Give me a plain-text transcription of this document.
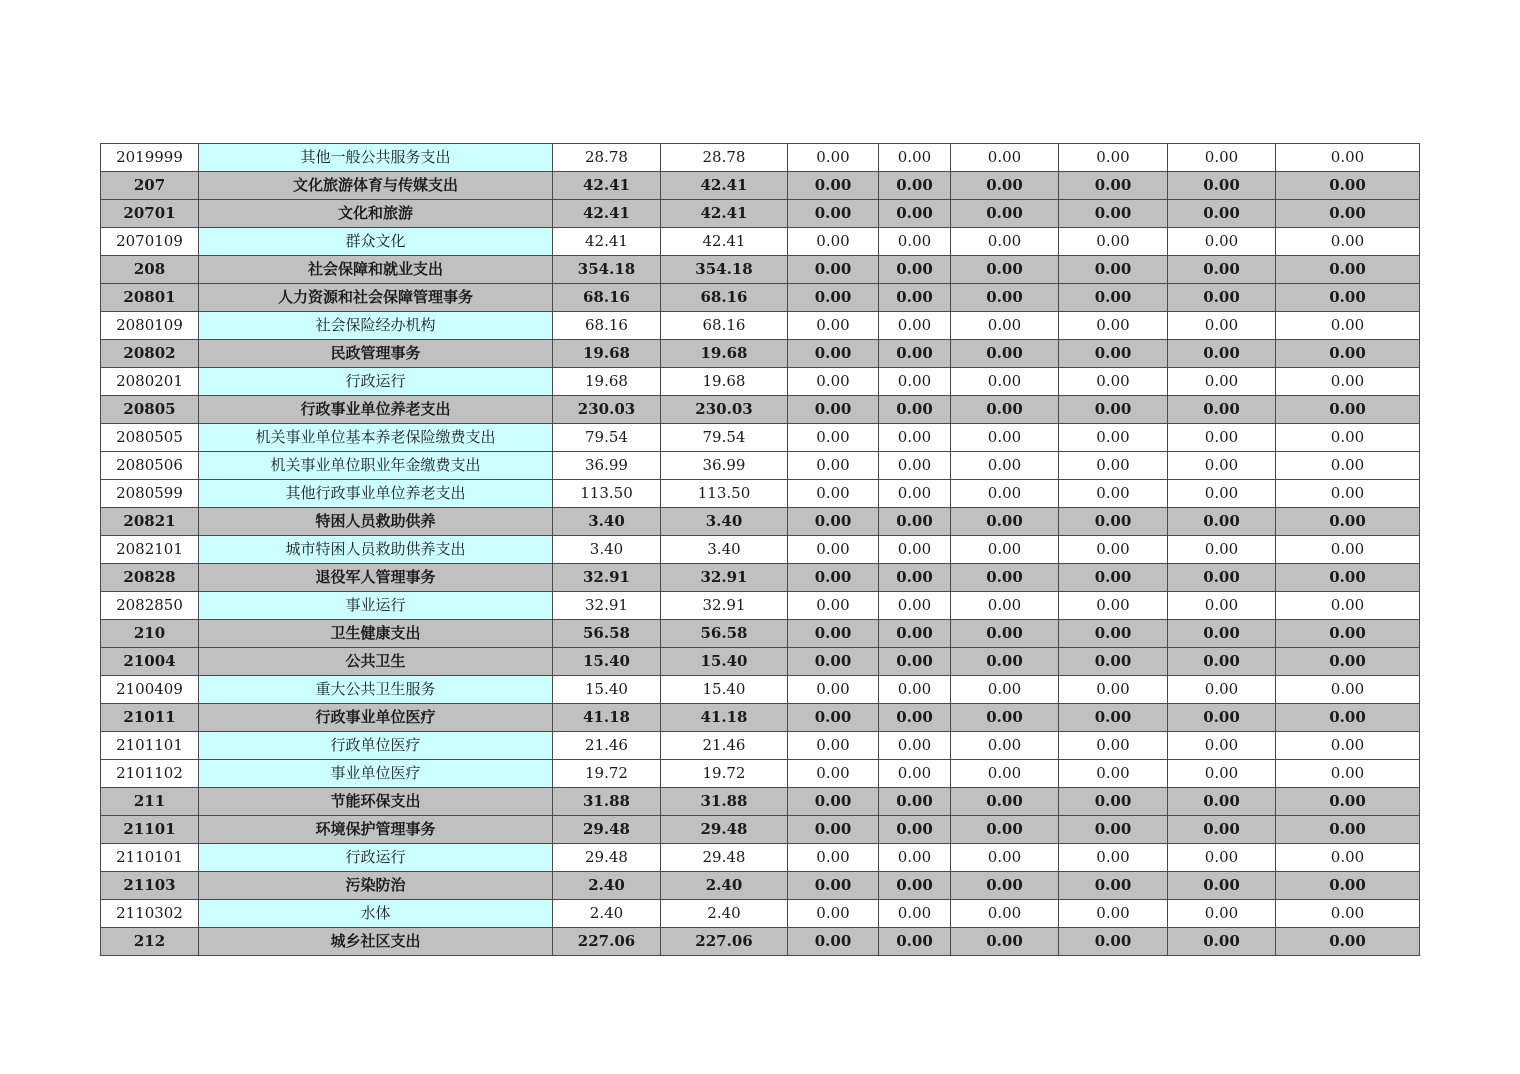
2019999	其他一般公共服务支出	28.78	28.78	0.00	0.00	0.00	0.00	0.00	0.00
207	文化旅游体育与传媒支出	42.41	42.41	0.00	0.00	0.00	0.00	0.00	0.00
20701	文化和旅游	42.41	42.41	0.00	0.00	0.00	0.00	0.00	0.00
2070109	群众文化	42.41	42.41	0.00	0.00	0.00	0.00	0.00	0.00
208	社会保障和就业支出	354.18	354.18	0.00	0.00	0.00	0.00	0.00	0.00
20801	人力资源和社会保障管理事务	68.16	68.16	0.00	0.00	0.00	0.00	0.00	0.00
2080109	社会保险经办机构	68.16	68.16	0.00	0.00	0.00	0.00	0.00	0.00
20802	民政管理事务	19.68	19.68	0.00	0.00	0.00	0.00	0.00	0.00
2080201	行政运行	19.68	19.68	0.00	0.00	0.00	0.00	0.00	0.00
20805	行政事业单位养老支出	230.03	230.03	0.00	0.00	0.00	0.00	0.00	0.00
2080505	机关事业单位基本养老保险缴费支出	79.54	79.54	0.00	0.00	0.00	0.00	0.00	0.00
2080506	机关事业单位职业年金缴费支出	36.99	36.99	0.00	0.00	0.00	0.00	0.00	0.00
2080599	其他行政事业单位养老支出	113.50	113.50	0.00	0.00	0.00	0.00	0.00	0.00
20821	特困人员救助供养	3.40	3.40	0.00	0.00	0.00	0.00	0.00	0.00
2082101	城市特困人员救助供养支出	3.40	3.40	0.00	0.00	0.00	0.00	0.00	0.00
20828	退役军人管理事务	32.91	32.91	0.00	0.00	0.00	0.00	0.00	0.00
2082850	事业运行	32.91	32.91	0.00	0.00	0.00	0.00	0.00	0.00
210	卫生健康支出	56.58	56.58	0.00	0.00	0.00	0.00	0.00	0.00
21004	公共卫生	15.40	15.40	0.00	0.00	0.00	0.00	0.00	0.00
2100409	重大公共卫生服务	15.40	15.40	0.00	0.00	0.00	0.00	0.00	0.00
21011	行政事业单位医疗	41.18	41.18	0.00	0.00	0.00	0.00	0.00	0.00
2101101	行政单位医疗	21.46	21.46	0.00	0.00	0.00	0.00	0.00	0.00
2101102	事业单位医疗	19.72	19.72	0.00	0.00	0.00	0.00	0.00	0.00
211	节能环保支出	31.88	31.88	0.00	0.00	0.00	0.00	0.00	0.00
21101	环境保护管理事务	29.48	29.48	0.00	0.00	0.00	0.00	0.00	0.00
2110101	行政运行	29.48	29.48	0.00	0.00	0.00	0.00	0.00	0.00
21103	污染防治	2.40	2.40	0.00	0.00	0.00	0.00	0.00	0.00
2110302	水体	2.40	2.40	0.00	0.00	0.00	0.00	0.00	0.00
212	城乡社区支出	227.06	227.06	0.00	0.00	0.00	0.00	0.00	0.00
